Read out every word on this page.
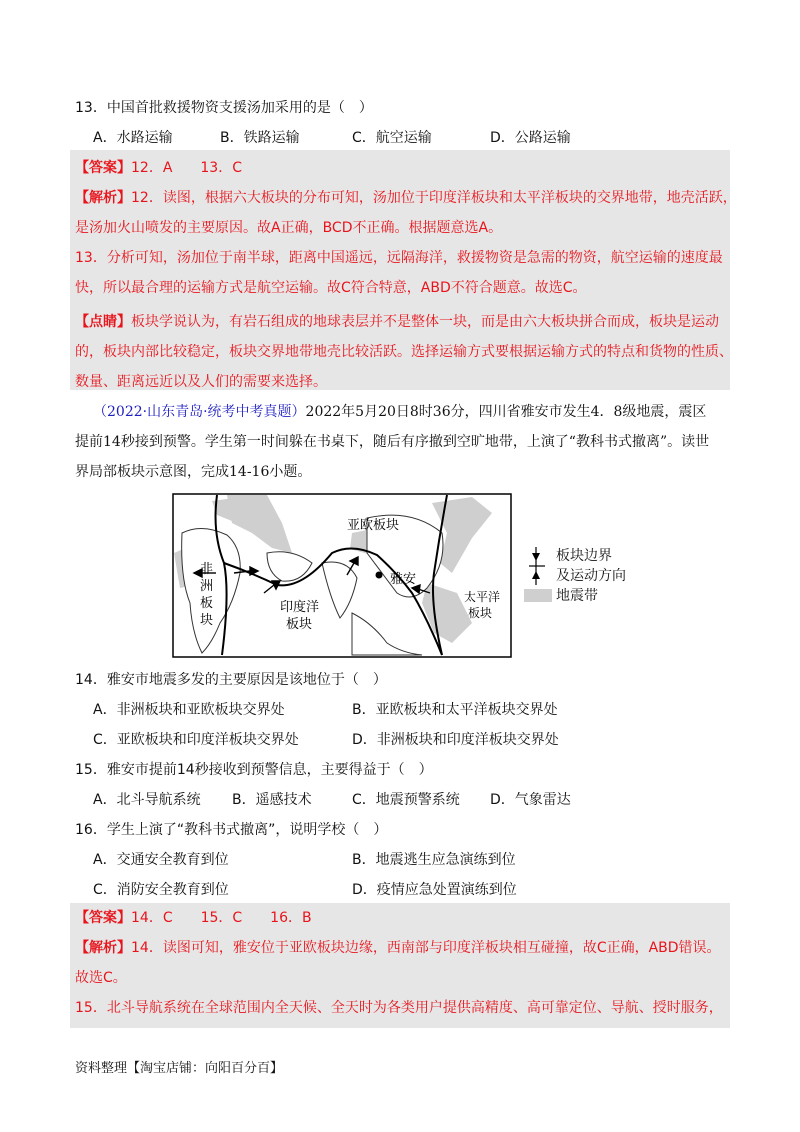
13．中国首批救援物资支援汤加采用的是（　）
A．水路运输	B．铁路运输	C．航空运输	D．公路运输
【答案】12．A　　13．C
【解析】12．读图，根据六大板块的分布可知，汤加位于印度洋板块和太平洋板块的交界地带，地壳活跃，
是汤加火山喷发的主要原因。故A正确，BCD不正确。根据题意选A。
13．分析可知，汤加位于南半球，距离中国遥远，远隔海洋，救援物资是急需的物资，航空运输的速度最
快，所以最合理的运输方式是航空运输。故C符合特意，ABD不符合题意。故选C。
【点睛】板块学说认为，有岩石组成的地球表层并不是整体一块，而是由六大板块拼合而成，板块是运动
的，板块内部比较稳定，板块交界地带地壳比较活跃。选择运输方式要根据运输方式的特点和货物的性质、
数量、距离远近以及人们的需要来选择。
（2022·山东青岛·统考中考真题）2022年5月20日8时36分，四川省雅安市发生4．8级地震，震区
提前14秒接到预警。学生第一时间躲在书桌下，随后有序撤到空旷地带，上演了“教科书式撤离”。读世
界局部板块示意图，完成14-16小题。
亚欧板块
雅安
非
洲
板
块
印度洋
板块
太平洋
板块
板块边界
及运动方向
地震带
14．雅安市地震多发的主要原因是该地位于（　）
A．非洲板块和亚欧板块交界处	B．亚欧板块和太平洋板块交界处
C．亚欧板块和印度洋板块交界处	D．非洲板块和印度洋板块交界处
15．雅安市提前14秒接收到预警信息，主要得益于（　）
A．北斗导航系统 B．遥感技术	C．地震预警系统 D．气象雷达
16．学生上演了“教科书式撤离”，说明学校（　）
A．交通安全教育到位	B．地震逃生应急演练到位
C．消防安全教育到位	D．疫情应急处置演练到位
【答案】14．C　　15．C　　16．B
【解析】14．读图可知，雅安位于亚欧板块边缘，西南部与印度洋板块相互碰撞，故C正确，ABD错误。
故选C。
15．北斗导航系统在全球范围内全天候、全天时为各类用户提供高精度、高可靠定位、导航、授时服务，
资料整理【淘宝店铺：向阳百分百】
